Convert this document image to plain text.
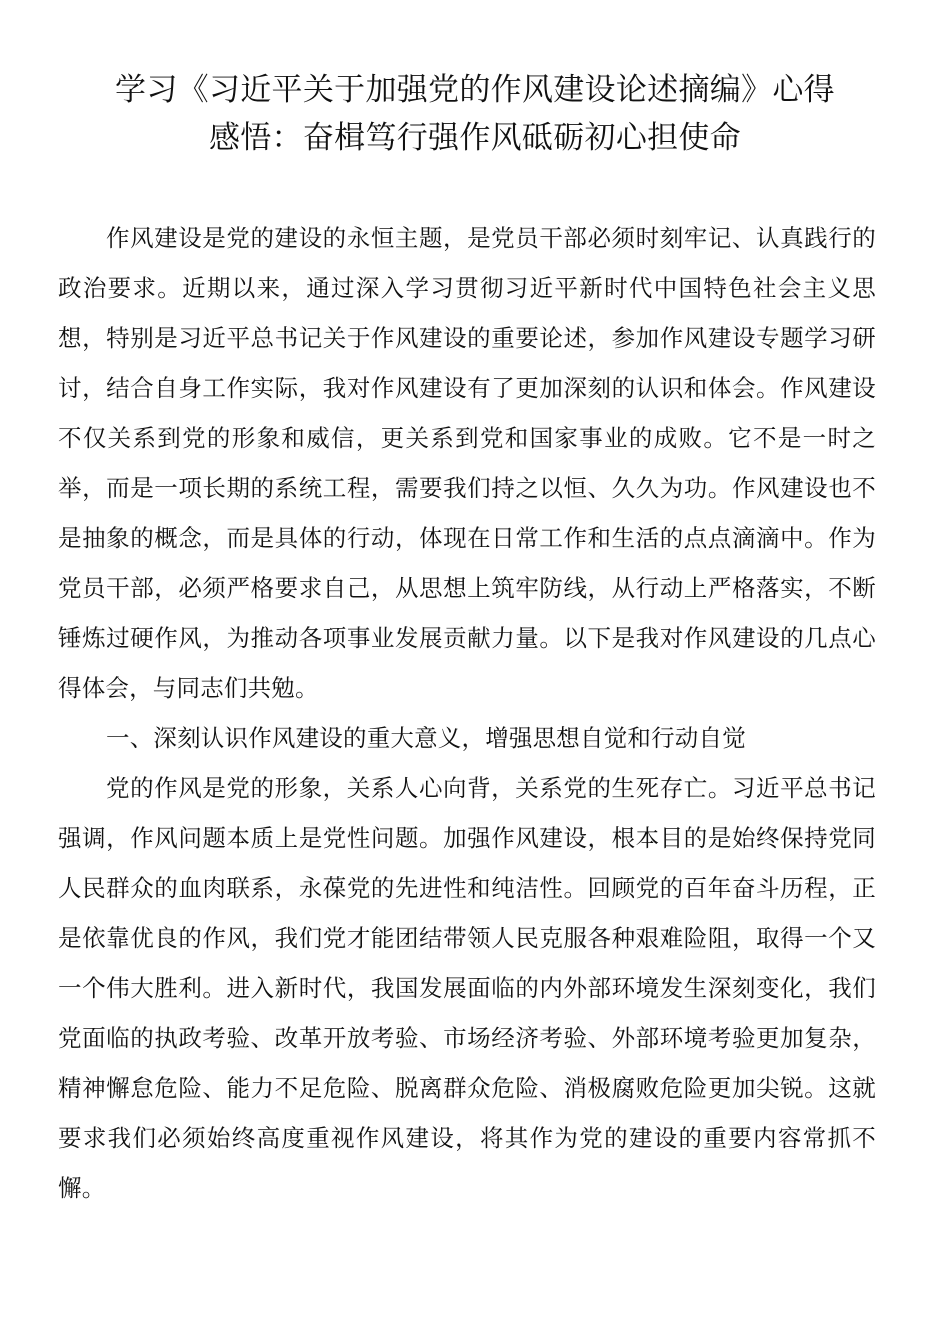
学习《习近平关于加强党的作风建设论述摘编》心得
感悟：奋楫笃行强作风砥砺初心担使命

作风建设是党的建设的永恒主题，是党员干部必须时刻牢记、认真践行的政治要求。近期以来，通过深入学习贯彻习近平新时代中国特色社会主义思想，特别是习近平总书记关于作风建设的重要论述，参加作风建设专题学习研讨，结合自身工作实际，我对作风建设有了更加深刻的认识和体会。作风建设不仅关系到党的形象和威信，更关系到党和国家事业的成败。它不是一时之举，而是一项长期的系统工程，需要我们持之以恒、久久为功。作风建设也不是抽象的概念，而是具体的行动，体现在日常工作和生活的点点滴滴中。作为党员干部，必须严格要求自己，从思想上筑牢防线，从行动上严格落实，不断锤炼过硬作风，为推动各项事业发展贡献力量。以下是我对作风建设的几点心得体会，与同志们共勉。

一、深刻认识作风建设的重大意义，增强思想自觉和行动自觉

党的作风是党的形象，关系人心向背，关系党的生死存亡。习近平总书记强调，作风问题本质上是党性问题。加强作风建设，根本目的是始终保持党同人民群众的血肉联系，永葆党的先进性和纯洁性。回顾党的百年奋斗历程，正是依靠优良的作风，我们党才能团结带领人民克服各种艰难险阻，取得一个又一个伟大胜利。进入新时代，我国发展面临的内外部环境发生深刻变化，我们党面临的执政考验、改革开放考验、市场经济考验、外部环境考验更加复杂，精神懈怠危险、能力不足危险、脱离群众危险、消极腐败危险更加尖锐。这就要求我们必须始终高度重视作风建设，将其作为党的建设的重要内容常抓不懈。
